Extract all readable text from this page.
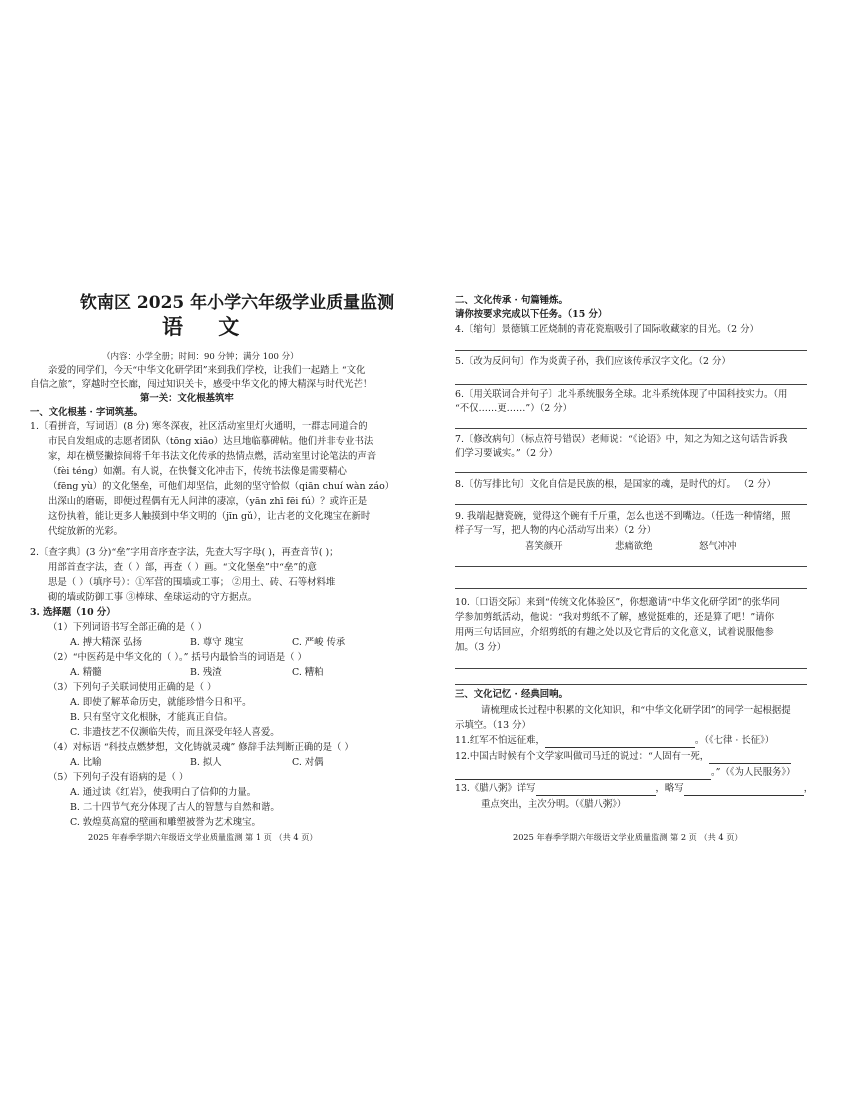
钦南区 2025 年小学六年级学业质量监测
语 文
（内容：小学全册；时间：90 分钟；满分 100 分）
亲爱的同学们，今天“中华文化研学团”来到我们学校，让我们一起踏上 “文化
自信之旅”，穿越时空长廊，闯过知识关卡，感受中华文化的博大精深与时代光芒！
第一关：文化根基筑牢
一、文化根基 · 字词筑基。
1.〔看拼音，写词语〕(8 分) 寒冬深夜，社区活动室里灯火通明，一群志同道合的
市民自发组成的志愿者团队（tōng xiāo）达旦地临摹碑帖。他们并非专业书法
家，却在横竖撇捺间将千年书法文化传承的热情点燃，活动室里讨论笔法的声音
（fèi téng）如潮。有人说，在快餐文化冲击下，传统书法像是需要精心
（fēng yù）的文化堡垒，可他们却坚信，此刻的坚守恰似（qiān chuí wàn záo）
出深山的磨砺，即便过程偶有无人问津的凄凉，（yān zhī fēi fú）？或许正是
这份执着，能让更多人触摸到中华文明的（jīn gǔ），让古老的文化瑰宝在新时
代绽放新的光彩。
2.〔查字典〕(3 分)“垒”字用音序查字法，先查大写字母( )，再查音节( )；
用部首查字法，查（ ）部，再查（ ）画。“文化堡垒”中“垒”的意
思是（ ）（填序号）：①军营的围墙或工事； ②用土、砖、石等材料堆
砌的墙或防御工事 ③棒球、垒球运动的守方据点。
3. 选择题（10 分）
（1）下列词语书写全部正确的是（ ）
A. 搏大精深 弘扬	B. 尊守 瑰宝	C. 严峻 传承
（2）“中医药是中华文化的（ ）。” 括号内最恰当的词语是（ ）
A. 精髓	B. 残渣	C. 糟粕
（3）下列句子关联词使用正确的是（ ）
A. 即使了解革命历史，就能珍惜今日和平。
B. 只有坚守文化根脉，才能真正自信。
C. 非遗技艺不仅濒临失传，而且深受年轻人喜爱。
（4）对标语 “科技点燃梦想，文化铸就灵魂” 修辞手法判断正确的是（ ）
A. 比喻	B. 拟人	C. 对偶
（5）下列句子没有语病的是（ ）
A. 通过读《红岩》，使我明白了信仰的力量。
B. 二十四节气充分体现了古人的智慧与自然和谐。
C. 敦煌莫高窟的壁画和雕塑被誉为艺术瑰宝。
2025 年春季学期六年级语文学业质量监测 第 1 页 （共 4 页）
二、文化传承 · 句篇锤炼。
请你按要求完成以下任务。（15 分）
4.〔缩句〕景德镇工匠烧制的青花瓷瓶吸引了国际收藏家的目光。（2 分）
5.〔改为反问句〕作为炎黄子孙，我们应该传承汉字文化。（2 分）
6.〔用关联词合并句子〕北斗系统服务全球。北斗系统体现了中国科技实力。（用
“不仅……更……”）（2 分）
7.〔修改病句〕（标点符号错误）老师说：“《论语》中，知之为知之这句话告诉我
们学习要诚实。”（2 分）
8.〔仿写排比句〕文化自信是民族的根，是国家的魂，是时代的灯。 （2 分）
9. 我端起搪瓷碗，觉得这个碗有千斤重，怎么也送不到嘴边。（任选一种情绪，照
样子写一写，把人物的内心活动写出来）（2 分）
喜笑颜开	悲痛欲绝	怒气冲冲
10.〔口语交际〕来到“传统文化体验区”，你想邀请“中华文化研学团”的张华同
学参加剪纸活动，他说：“我对剪纸不了解，感觉挺难的，还是算了吧！”请你
用两三句话回应，介绍剪纸的有趣之处以及它背后的文化意义，试着说服他参
加。（3 分）
三、文化记忆 · 经典回响。
请梳理成长过程中积累的文化知识，和“中华文化研学团”的同学一起根据提
示填空。（13 分）
11.红军不怕远征难，	。（《七律 · 长征》）
12.中国古时候有个文学家叫做司马迁的说过：“人固有一死，
。”（《为人民服务》）
13.《腊八粥》详写	，略写	，
重点突出，主次分明。（《腊八粥》）
2025 年春季学期六年级语文学业质量监测 第 2 页 （共 4 页）
